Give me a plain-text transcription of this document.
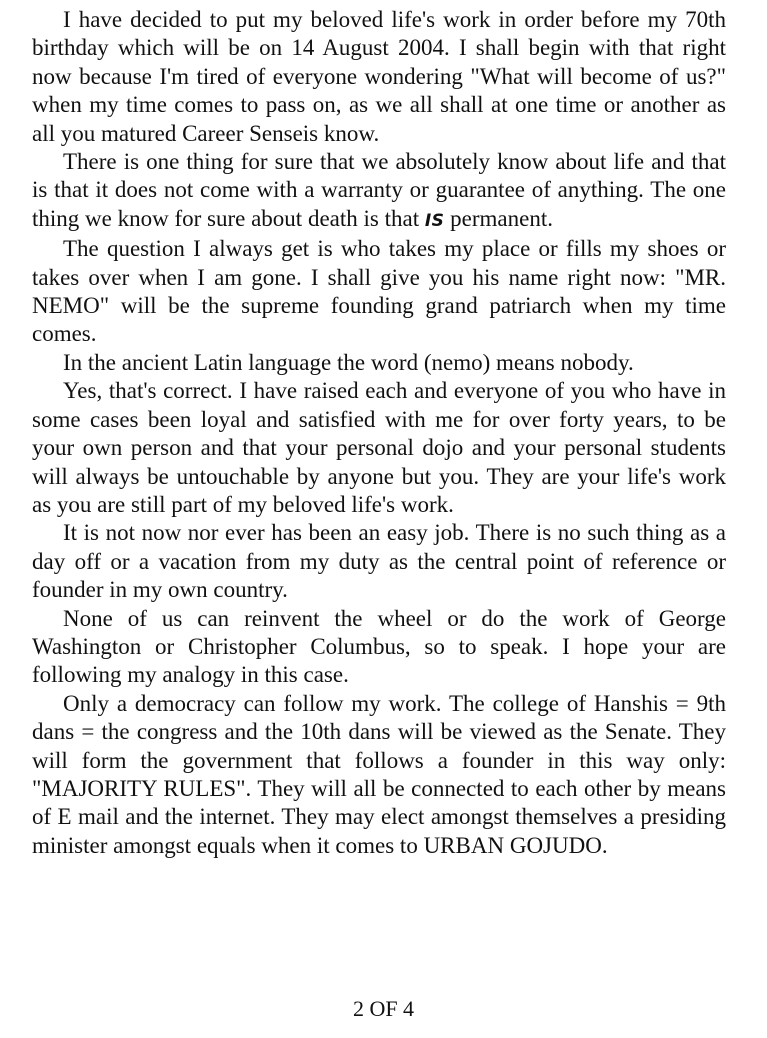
I have decided to put my beloved life's work in order before my 70th birthday which will be on 14 August 2004. I shall begin with that right now because I'm tired of everyone wondering "What will become of us?" when my time comes to pass on, as we all shall at one time or another as all you matured Career Senseis know.

There is one thing for sure that we absolutely know about life and that is that it does not come with a warranty or guarantee of anything. The one thing we know for sure about death is that IS permanent.

The question I always get is who takes my place or fills my shoes or takes over when I am gone. I shall give you his name right now: "MR. NEMO" will be the supreme founding grand patriarch when my time comes.

In the ancient Latin language the word (nemo) means nobody.

Yes, that's correct. I have raised each and everyone of you who have in some cases been loyal and satisfied with me for over forty years, to be your own person and that your personal dojo and your personal students will always be untouchable by anyone but you. They are your life's work as you are still part of my beloved life's work.

It is not now nor ever has been an easy job. There is no such thing as a day off or a vacation from my duty as the central point of reference or founder in my own country.

None of us can reinvent the wheel or do the work of George Washington or Christopher Columbus, so to speak. I hope your are following my analogy in this case.

Only a democracy can follow my work. The college of Hanshis = 9th dans = the congress and the 10th dans will be viewed as the Senate. They will form the government that follows a founder in this way only: "MAJORITY RULES". They will all be connected to each other by means of E mail and the internet. They may elect amongst themselves a presiding minister amongst equals when it comes to URBAN GOJUDO.

2 OF 4
